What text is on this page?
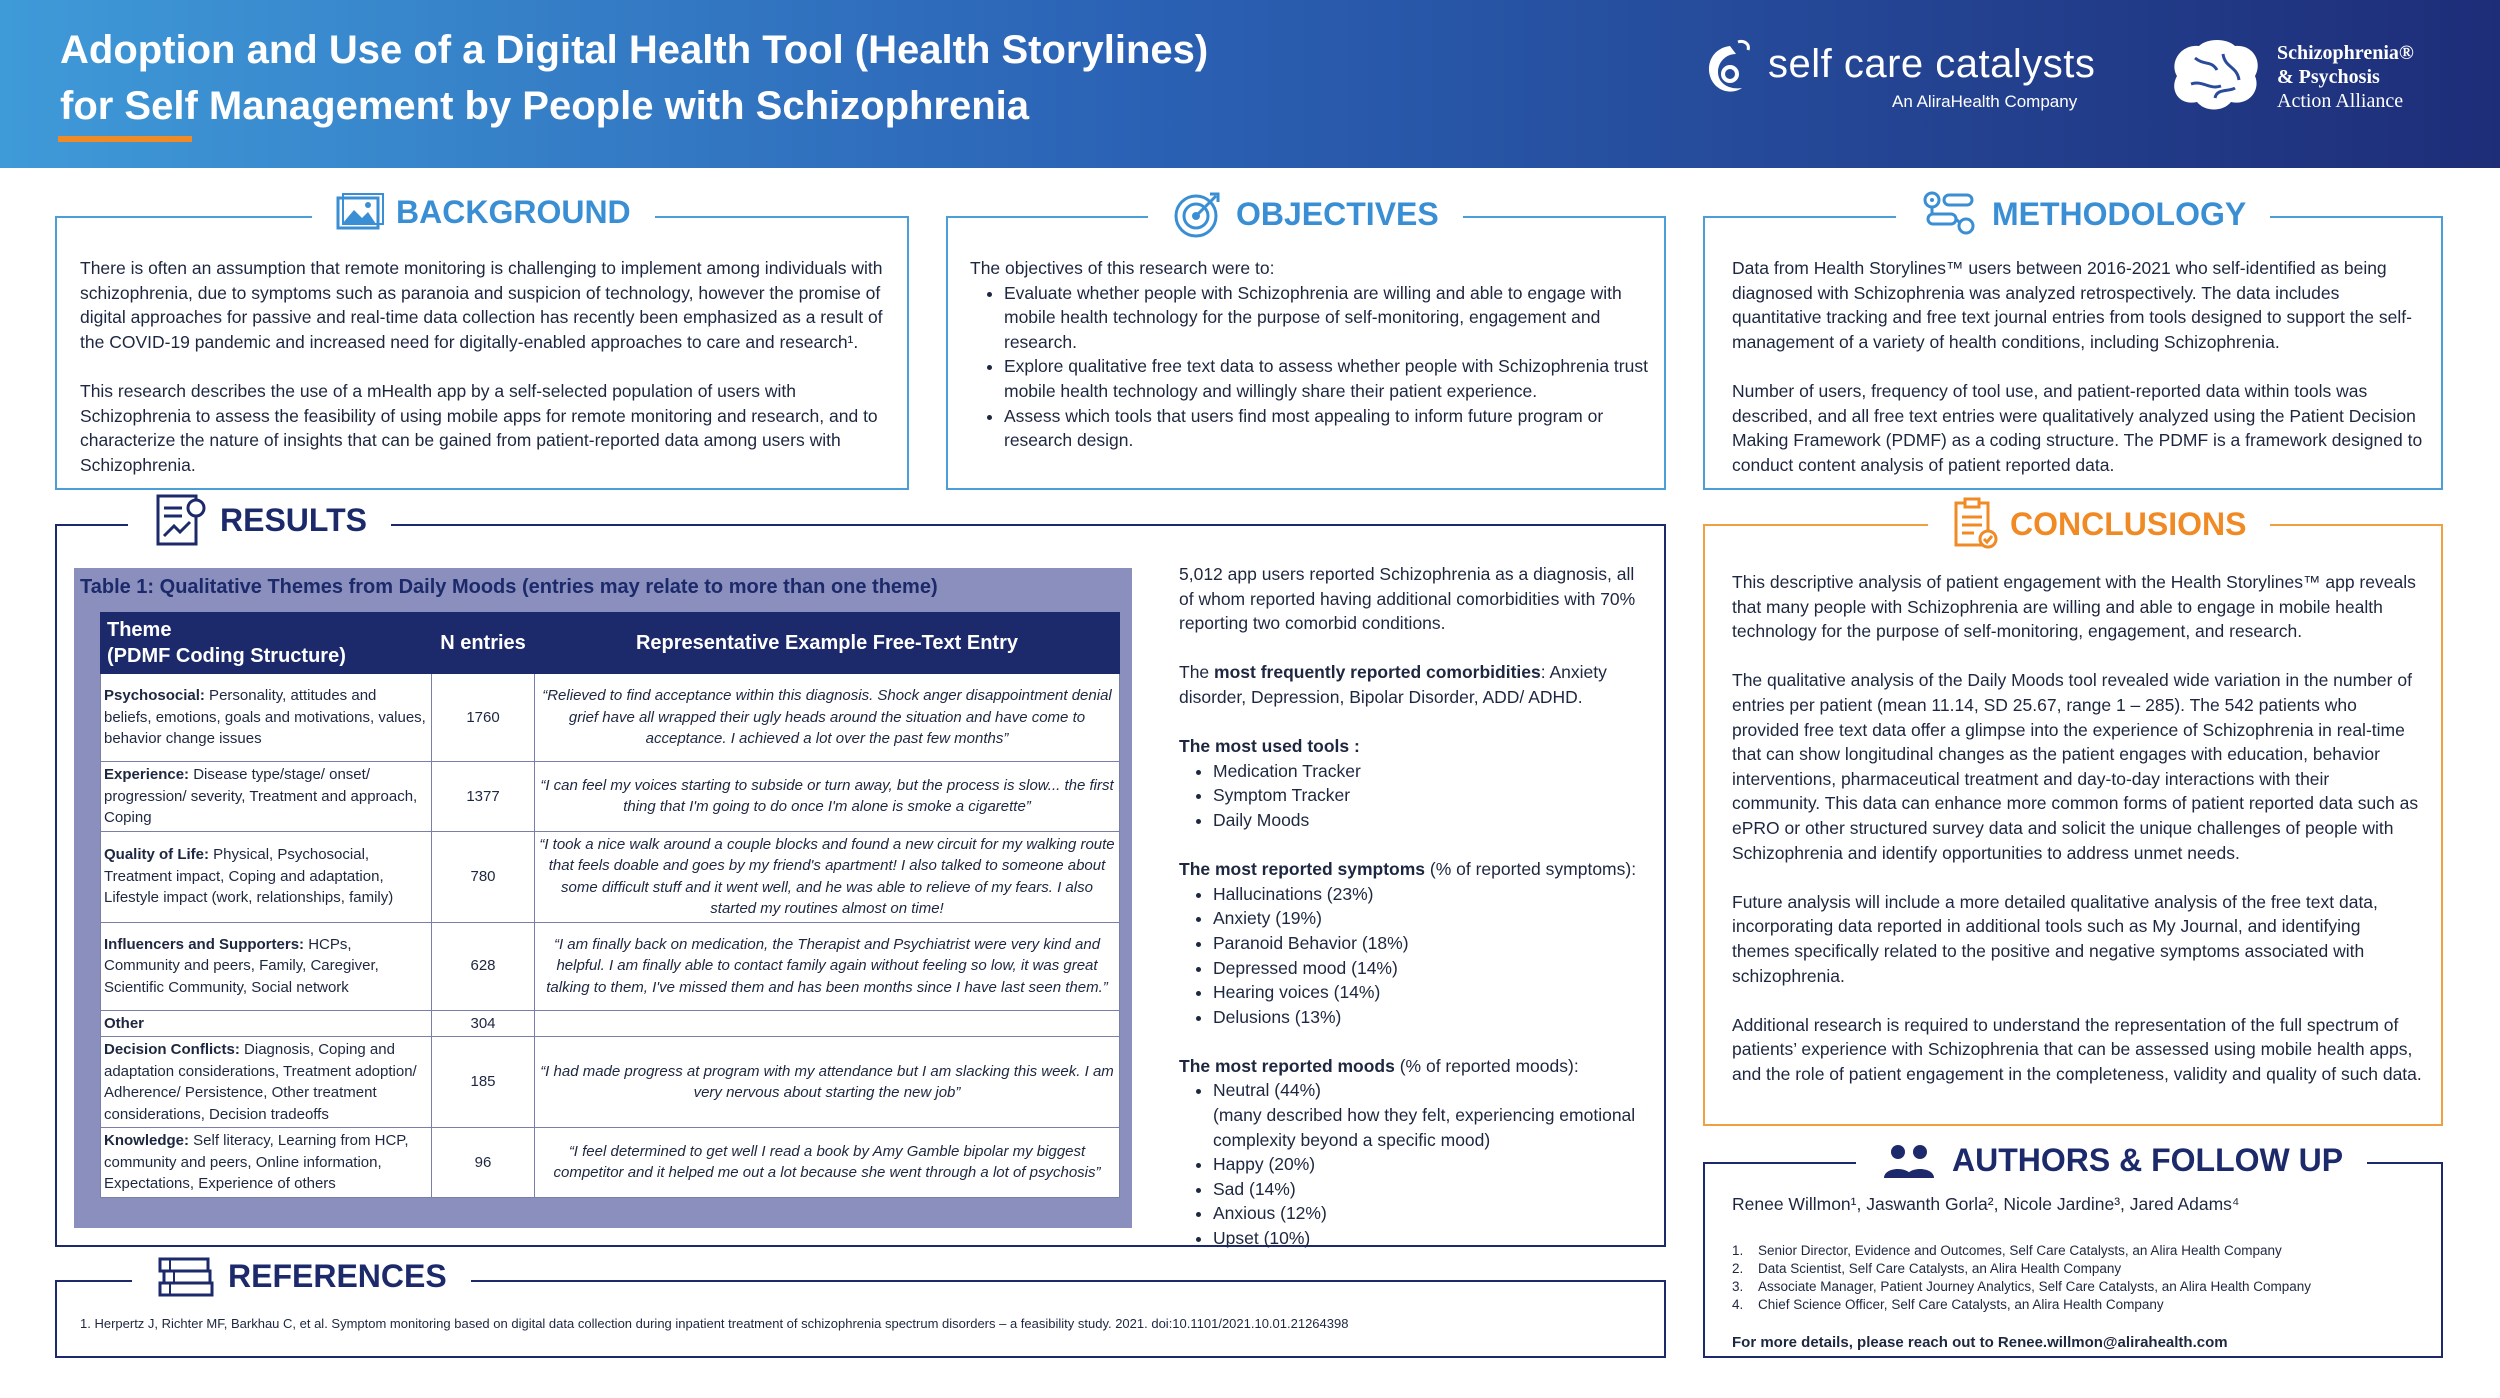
Adoption and Use of a Digital Health Tool (Health Storylines)
for Self Management by People with Schizophrenia
self care catalysts
An AliraHealth Company
Schizophrenia®
& Psychosis
Action Alliance
BACKGROUND

There is often an assumption that remote monitoring is challenging to implement among individuals with schizophrenia, due to symptoms such as paranoia and suspicion of technology, however the promise of digital approaches for passive and real-time data collection has recently been emphasized as a result of the COVID-19 pandemic and increased need for digitally-enabled approaches to care and research¹.

This research describes the use of a mHealth app by a self-selected population of users with Schizophrenia to assess the feasibility of using mobile apps for remote monitoring and research, and to characterize the nature of insights that can be gained from patient-reported data among users with Schizophrenia.

OBJECTIVES
The objectives of this research were to:
• Evaluate whether people with Schizophrenia are willing and able to engage with mobile health technology for the purpose of self-monitoring, engagement and research.
• Explore qualitative free text data to assess whether people with Schizophrenia trust mobile health technology and willingly share their patient experience.
• Assess which tools that users find most appealing to inform future program or research design.
METHODOLOGY

Data from Health Storylines™ users between 2016-2021 who self-identified as being diagnosed with Schizophrenia was analyzed retrospectively. The data includes quantitative tracking and free text journal entries from tools designed to support the self-management of a variety of health conditions, including Schizophrenia.

Number of users, frequency of tool use, and patient-reported data within tools was described, and all free text entries were qualitatively analyzed using the Patient Decision Making Framework (PDMF) as a coding structure. The PDMF is a framework designed to conduct content analysis of patient reported data.

RESULTS
Table 1: Qualitative Themes from Daily Moods (entries may relate to more than one theme)
Theme
(PDMF Coding Structure)	N entries	Representative Example Free-Text Entry
Psychosocial: Personality, attitudes and beliefs, emotions, goals and motivations, values, behavior change issues	1760	“Relieved to find acceptance within this diagnosis. Shock anger disappointment denial grief have all wrapped their ugly heads around the situation and have come to acceptance. I achieved a lot over the past few months”
Experience: Disease type/stage/ onset/ progression/ severity, Treatment and approach, Coping	1377	“I can feel my voices starting to subside or turn away, but the process is slow... the first thing that I'm going to do once I'm alone is smoke a cigarette”
Quality of Life: Physical, Psychosocial, Treatment impact, Coping and adaptation, Lifestyle impact (work, relationships, family)	780	“I took a nice walk around a couple blocks and found a new circuit for my walking route that feels doable and goes by my friend's apartment! I also talked to someone about some difficult stuff and it went well, and he was able to relieve of my fears. I also started my routines almost on time!
Influencers and Supporters: HCPs, Community and peers, Family, Caregiver, Scientific Community, Social network	628	“I am finally back on medication, the Therapist and Psychiatrist were very kind and helpful. I am finally able to contact family again without feeling so low, it was great talking to them, I've missed them and has been months since I have last seen them.”
Other	304	
Decision Conflicts: Diagnosis, Coping and adaptation considerations, Treatment adoption/ Adherence/ Persistence, Other treatment considerations, Decision tradeoffs	185	“I had made progress at program with my attendance but I am slacking this week. I am very nervous about starting the new job”
Knowledge: Self literacy, Learning from HCP, community and peers, Online information, Expectations, Experience of others	96	“I feel determined to get well I read a book by Amy Gamble bipolar my biggest competitor and it helped me out a lot because she went through a lot of psychosis”

5,012 app users reported Schizophrenia as a diagnosis, all of whom reported having additional comorbidities with 70% reporting two comorbid conditions.

The most frequently reported comorbidities: Anxiety disorder, Depression, Bipolar Disorder, ADD/ ADHD.

The most used tools :
• Medication Tracker
• Symptom Tracker
• Daily Moods
The most reported symptoms (% of reported symptoms):
• Hallucinations (23%)
• Anxiety (19%)
• Paranoid Behavior (18%)
• Depressed mood (14%)
• Hearing voices (14%)
• Delusions (13%)
The most reported moods (% of reported moods):
• Neutral (44%)
(many described how they felt, experiencing emotional complexity beyond a specific mood)
• Happy (20%)
• Sad (14%)
• Anxious (12%)
• Upset (10%)
CONCLUSIONS

This descriptive analysis of patient engagement with the Health Storylines™ app reveals that many people with Schizophrenia are willing and able to engage in mobile health technology for the purpose of self-monitoring, engagement, and research.

The qualitative analysis of the Daily Moods tool revealed wide variation in the number of entries per patient (mean 11.14, SD 25.67, range 1 – 285). The 542 patients who provided free text data offer a glimpse into the experience of Schizophrenia in real-time that can show longitudinal changes as the patient engages with education, behavior interventions, pharmaceutical treatment and day-to-day interactions with their community. This data can enhance more common forms of patient reported data such as ePRO or other structured survey data and solicit the unique challenges of people with Schizophrenia and identify opportunities to address unmet needs.

Future analysis will include a more detailed qualitative analysis of the free text data, incorporating data reported in additional tools such as My Journal, and identifying themes specifically related to the positive and negative symptoms associated with schizophrenia.

Additional research is required to understand the representation of the full spectrum of patients’ experience with Schizophrenia that can be assessed using mobile health apps, and the role of patient engagement in the completeness, validity and quality of such data.

AUTHORS & FOLLOW UP
Renee Willmon¹, Jaswanth Gorla², Nicole Jardine³, Jared Adams⁴
1. Senior Director, Evidence and Outcomes, Self Care Catalysts, an Alira Health Company
2. Data Scientist, Self Care Catalysts, an Alira Health Company
3. Associate Manager, Patient Journey Analytics, Self Care Catalysts, an Alira Health Company
4. Chief Science Officer, Self Care Catalysts, an Alira Health Company
For more details, please reach out to Renee.willmon@alirahealth.com
REFERENCES
1. Herpertz J, Richter MF, Barkhau C, et al. Symptom monitoring based on digital data collection during inpatient treatment of schizophrenia spectrum disorders – a feasibility study. 2021. doi:10.1101/2021.10.01.21264398
